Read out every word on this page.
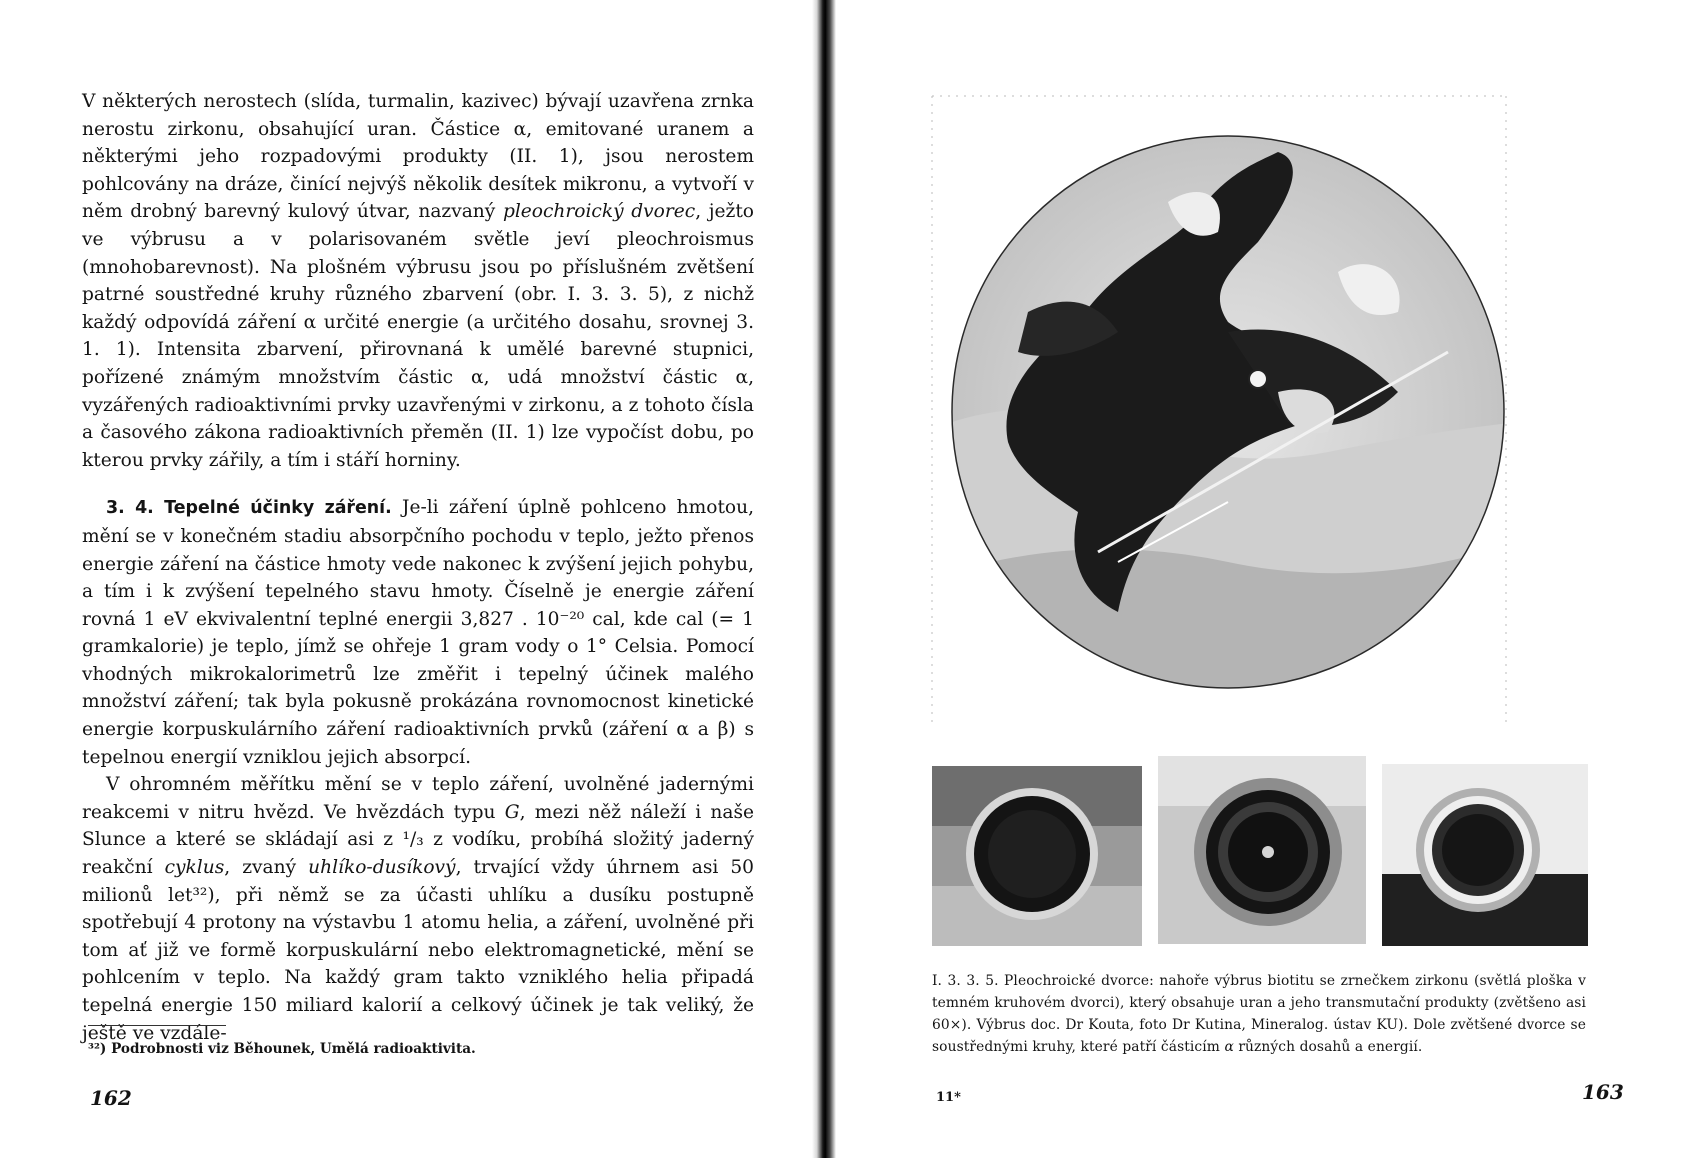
V některých nerostech (slída, turmalin, kazivec) bývají uzavřena zrnka nerostu zirkonu, obsahující uran. Částice α, emitované uranem a některými jeho rozpadovými produkty (II. 1), jsou nerostem pohlcovány na dráze, činící nejvýš několik desítek mikronu, a vytvoří v něm drobný barevný kulový útvar, nazvaný pleochroický dvorec, ježto ve výbrusu a v polarisovaném světle jeví pleochroismus (mnohobarevnost). Na plošném výbrusu jsou po příslušném zvětšení patrné soustředné kruhy různého zbarvení (obr. I. 3. 3. 5), z nichž každý odpovídá záření α určité energie (a určitého dosahu, srovnej 3. 1. 1). Intensita zbarvení, přirovnaná k umělé barevné stupnici, pořízené známým množstvím částic α, udá množství částic α, vyzářených radioaktivními prvky uzavřenými v zirkonu, a z tohoto čísla a časového zákona radioaktivních přeměn (II. 1) lze vypočíst dobu, po kterou prvky zářily, a tím i stáří horniny.

3. 4. Tepelné účinky záření. Je-li záření úplně pohlceno hmotou, mění se v konečném stadiu absorpčního pochodu v teplo, ježto přenos energie záření na částice hmoty vede nakonec k zvýšení jejich pohybu, a tím i k zvýšení tepelného stavu hmoty. Číselně je energie záření rovná 1 eV ekvivalentní teplné energii 3,827 . 10⁻²⁰ cal, kde cal (= 1 gramkalorie) je teplo, jímž se ohřeje 1 gram vody o 1° Celsia. Pomocí vhodných mikrokalorimetrů lze změřit i tepelný účinek malého množství záření; tak byla pokusně prokázána rovnomocnost kinetické energie korpuskulárního záření radioaktivních prvků (záření α a β) s tepelnou energií vzniklou jejich absorpcí.

V ohromném měřítku mění se v teplo záření, uvolněné jadernými reakcemi v nitru hvězd. Ve hvězdách typu G, mezi něž náleží i naše Slunce a které se skládají asi z ¹/₃ z vodíku, probíhá složitý jaderný reakční cyklus, zvaný uhlíko-dusíkový, trvající vždy úhrnem asi 50 milionů let³²), při němž se za účasti uhlíku a dusíku postupně spotřebují 4 protony na výstavbu 1 atomu helia, a záření, uvolněné při tom ať již ve formě korpuskulární nebo elektromagnetické, mění se pohlcením v teplo. Na každý gram takto vzniklého helia připadá tepelná energie 150 miliard kalorií a celkový účinek je tak veliký, že ještě ve vzdále-

³²) Podrobnosti viz Běhounek, Umělá radioaktivita.
162
I. 3. 3. 5. Pleochroické dvorce: nahoře výbrus biotitu se zrnečkem zirkonu (světlá ploška v temném kruhovém dvorci), který obsahuje uran a jeho transmutační produkty (zvětšeno asi 60×). Výbrus doc. Dr Kouta, foto Dr Kutina, Mineralog. ústav KU). Dole zvětšené dvorce se soustřednými kruhy, které patří částicím α různých dosahů a energií.
11*	163
